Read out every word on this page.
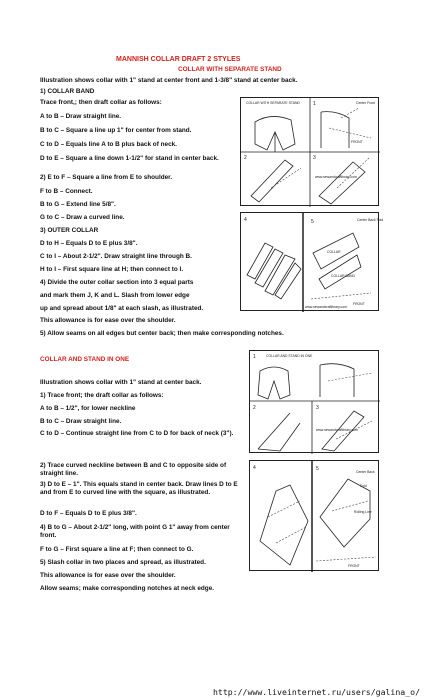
MANNISH COLLAR DRAFT 2 STYLES
COLLAR WITH SEPARATE STAND
Illustration shows collar with 1" stand at center front and 1-3/8" stand at center back.
1) COLLAR BAND
Trace front,; then draft collar as follows:
A to B – Draw straight line.
B to C – Square a line up 1" for center from stand.
C to D – Equals line A to B plus back of neck.
D to E – Square a line down 1-1/2" for stand in center back.
2) E to F – Square a line from E to shoulder.
F to B – Connect.
B to G – Extend line 5/8".
G to C – Draw a curved line.
3) OUTER COLLAR
D to H – Equals D to E plus 3/8".
C to I – About 2-1/2". Draw straight line through B.
H to I – First square line at H; then connect to I.
4) Divide the outer collar section into 3 equal parts
and mark them J, K and L. Slash from lower edge
up and spread about 1/8" at each slash, as illustrated.
This allowance is for ease over the shoulder.
5) Allow seams on all edges but center back; then make corresponding notches.
COLLAR AND STAND IN ONE
Illustration shows collar with 1" stand at center back.
1) Trace front; the draft collar as follows:
A to B – 1/2", for lower neckline
B to C – Draw straight line.
C to D – Continue straight line from C to D for back of neck (3").
2) Trace curved neckline between B and C to opposite side of straight line.
3) D to E – 1". This equals stand in center back. Draw lines D to E and from E to curved line with the square, as illustrated.
D to F – Equals D to E plus 3/8".
4) B to G – About 2-1/2" long, with point G 1" away from center front.
F to G – First square a line at F; then connect to G.
5) Slash collar in two places and spread, as illustrated.
This allowance is for ease over the shoulder.
Allow seams; make corresponding notches at neck edge.
COLLAR WITH SEPARATE STAND	1	Center Front
FRONT
2	3
www.sewandcraftlbrary.com
4	5	Center Back Fold
COLLAR
COLLAR BAND
FRONT
www.sewandcraftlbrary.com
COLLAR AND STAND IN ONE
1
2	3
www.sewandcraftlbrary.com
4	5	Center Back
Fold
Rolling Line
FRONT
http://www.liveinternet.ru/users/galina_o/
